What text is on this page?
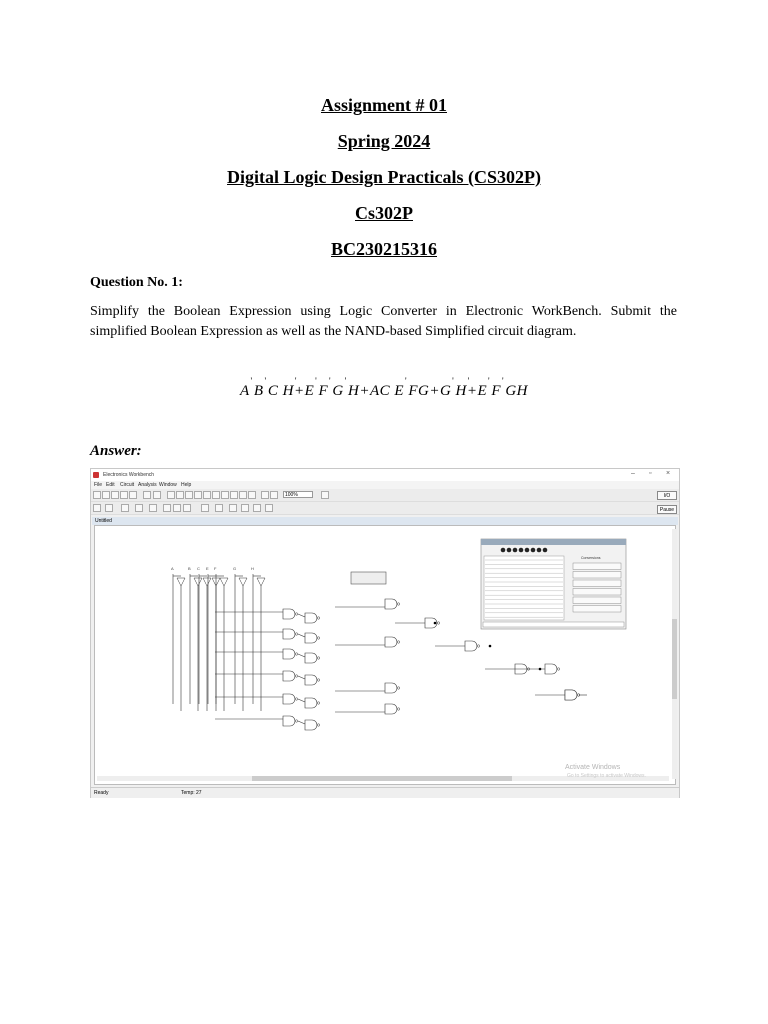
Assignment # 01
Spring 2024
Digital Logic Design Practicals (CS302P)
Cs302P
BC230215316
Question No. 1:
Simplify the Boolean Expression using Logic Converter in Electronic WorkBench. Submit the simplified Boolean Expression as well as the NAND-based Simplified circuit diagram.
A ' B ' C H '+E ' F ' G ' H+AC E ' FG+G ' H '+E ' F ' GH
Answer:
Electronics Workbench	– ▫ ×
File Edit Circuit Analysis Window Help
100%	I/O
Pause
Untitled
A	B C E F	G	H
Conversions
Activate Windows
Go to Settings to activate Windows.
Ready	Temp: 27
